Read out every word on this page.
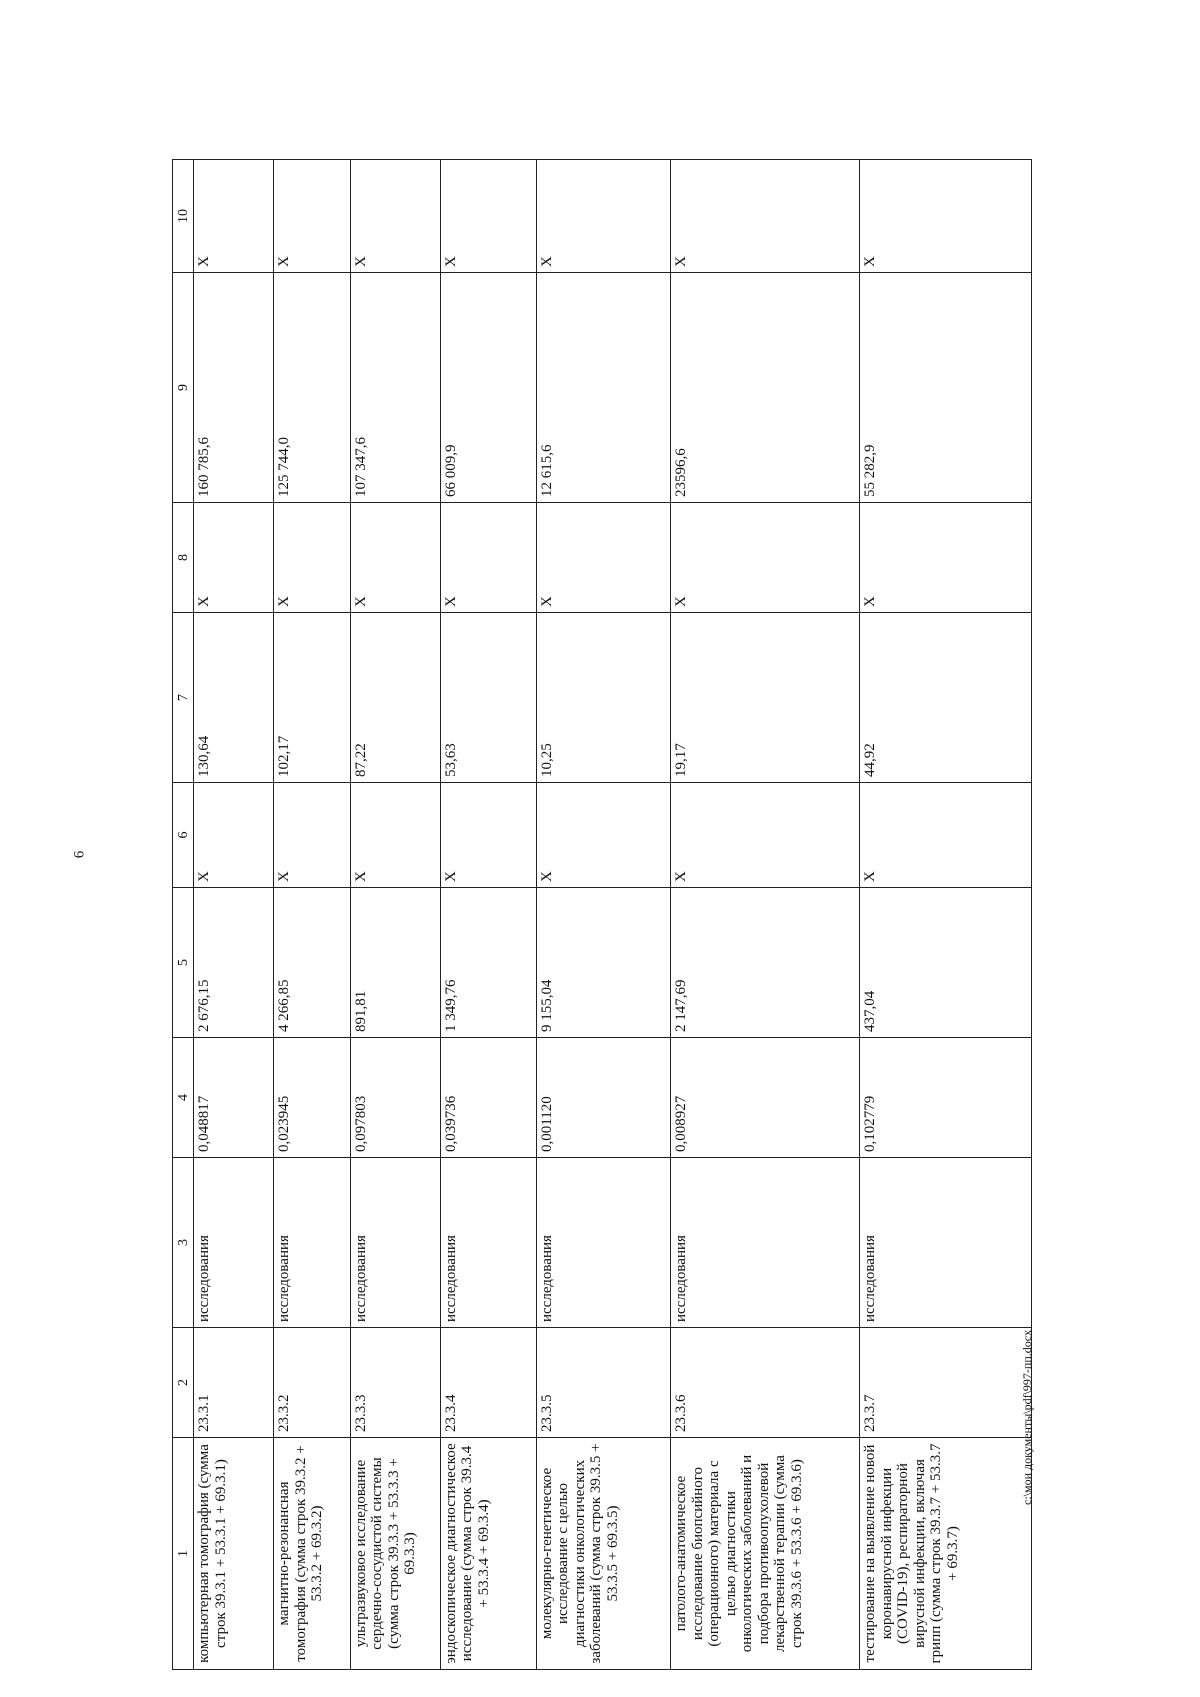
6
1	2	3	4	5	6	7	8	9	10
компьютерная томография (сумма строк 39.3.1 + 53.3.1 + 69.3.1)	23.3.1	исследования	0,048817	2 676,15	X	130,64	X	160 785,6	X
магнитно-резонансная томография (сумма строк 39.3.2 + 53.3.2 + 69.3.2)	23.3.2	исследования	0,023945	4 266,85	X	102,17	X	125 744,0	X
ультразвуковое исследование сердечно-сосудистой системы (сумма строк 39.3.3 + 53.3.3 + 69.3.3)	23.3.3	исследования	0,097803	891,81	X	87,22	X	107 347,6	X
эндоскопическое диагностическое исследование (сумма строк 39.3.4 + 53.3.4 + 69.3.4)	23.3.4	исследования	0,039736	1 349,76	X	53,63	X	66 009,9	X
молекулярно-генетическое исследование с целью диагностики онкологических заболеваний (сумма строк 39.3.5 + 53.3.5 + 69.3.5)	23.3.5	исследования	0,001120	9 155,04	X	10,25	X	12 615,6	X
патолого-анатомическое исследование биопсийного (операционного) материала с целью диагностики онкологических заболеваний и подбора противоопухолевой лекарственной терапии (сумма строк 39.3.6 + 53.3.6 + 69.3.6)	23.3.6	исследования	0,008927	2 147,69	X	19,17	X	23596,6	X
тестирование на выявление новой коронавирусной инфекции (COVID-19), респираторной вирусной инфекции, включая грипп (сумма строк 39.3.7 + 53.3.7 + 69.3.7)	23.3.7	исследования	0,102779	437,04	X	44,92	X	55 282,9	X
c:\мои документы\pdf\997-пп.docx
